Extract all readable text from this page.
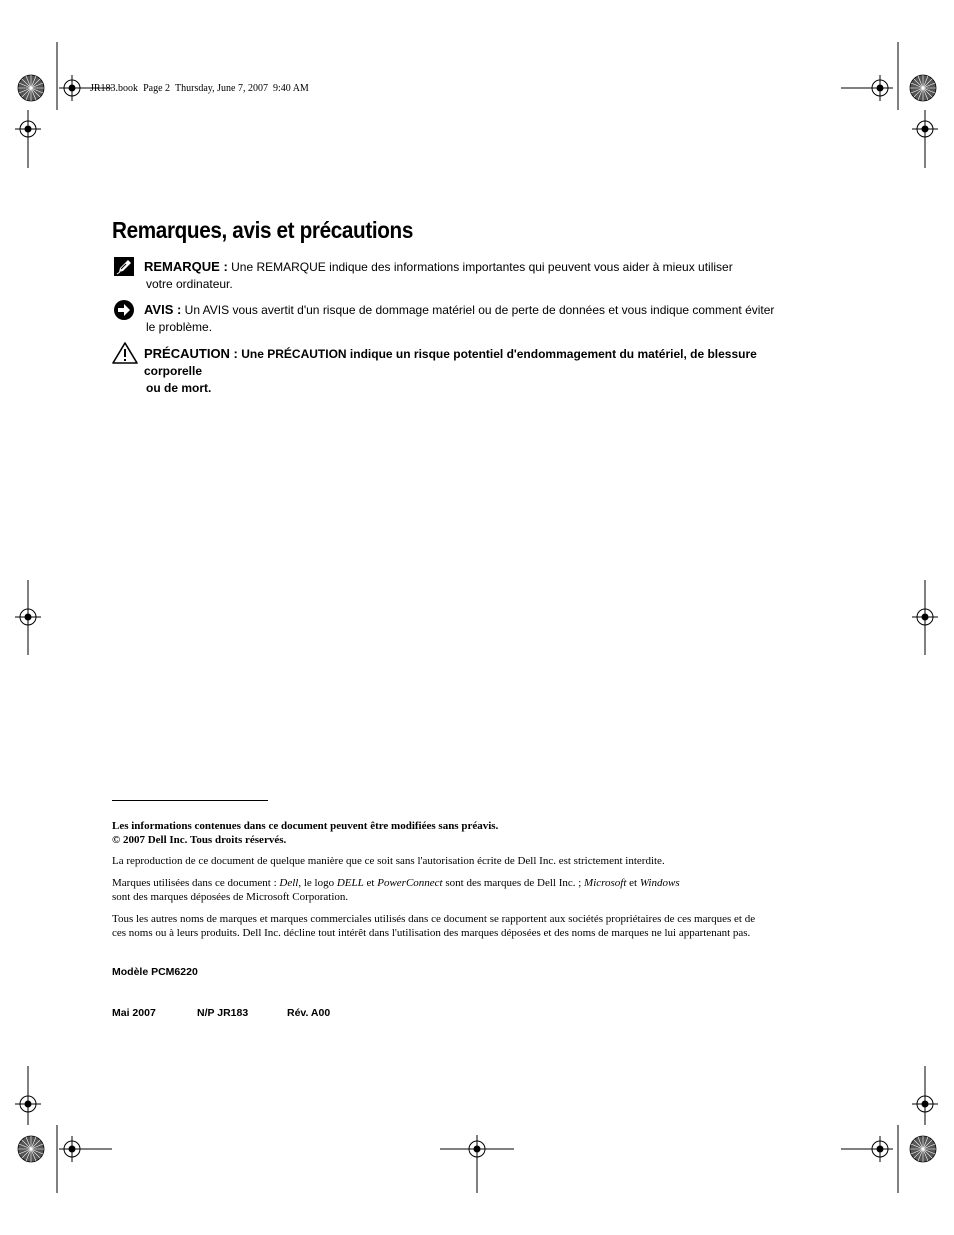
JR183.book Page 2 Thursday, June 7, 2007 9:40 AM
Remarques, avis et précautions
REMARQUE : Une REMARQUE indique des informations importantes qui peuvent vous aider à mieux utiliser
votre ordinateur.
AVIS : Un AVIS vous avertit d'un risque de dommage matériel ou de perte de données et vous indique comment éviter
le problème.
PRÉCAUTION : Une PRÉCAUTION indique un risque potentiel d'endommagement du matériel, de blessure corporelle
ou de mort.
Les informations contenues dans ce document peuvent être modifiées sans préavis.
© 2007 Dell Inc. Tous droits réservés.
La reproduction de ce document de quelque manière que ce soit sans l'autorisation écrite de Dell Inc. est strictement interdite.
Marques utilisées dans ce document : Dell, le logo DELL et PowerConnect sont des marques de Dell Inc. ; Microsoft et Windows
sont des marques déposées de Microsoft Corporation.
Tous les autres noms de marques et marques commerciales utilisés dans ce document se rapportent aux sociétés propriétaires de ces marques et de
ces noms ou à leurs produits. Dell Inc. décline tout intérêt dans l'utilisation des marques déposées et des noms de marques ne lui appartenant pas.
Modèle PCM6220
Mai 2007	N/P JR183	Rév. A00
